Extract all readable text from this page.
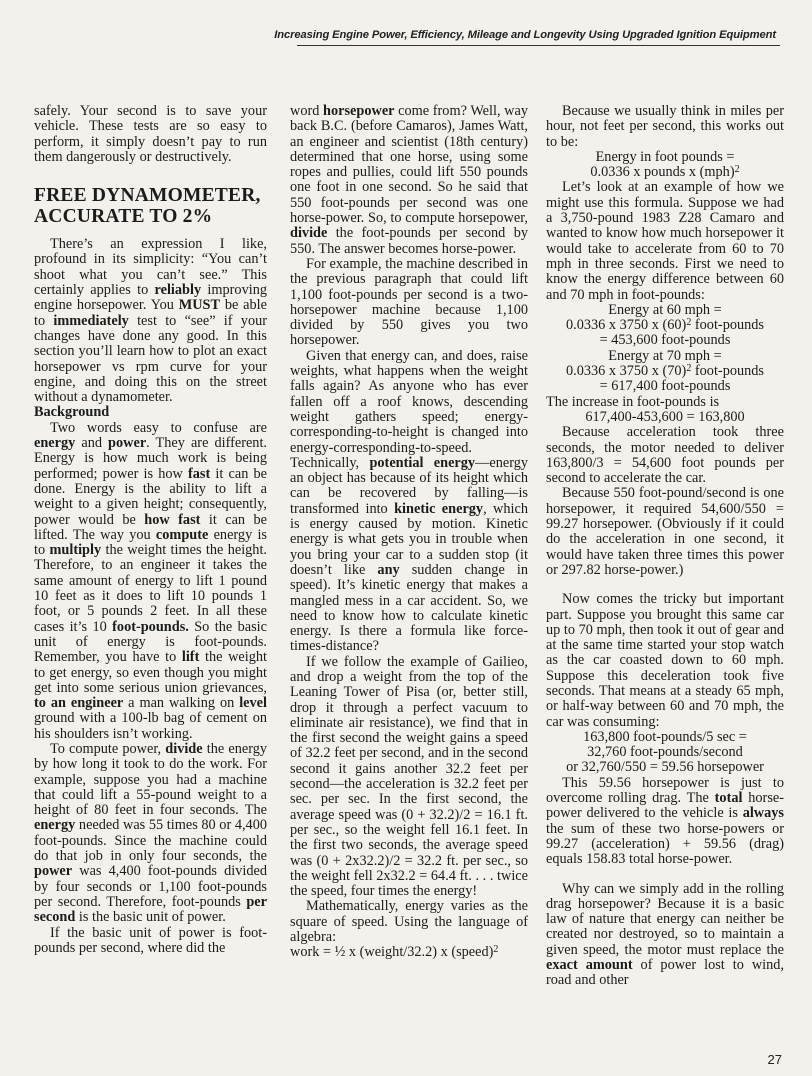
Increasing Engine Power, Efficiency, Mileage and Longevity Using Upgraded Ignition Equipment

safely. Your second is to save your vehicle. These tests are so easy to perform, it simply doesn’t pay to run them dangerously or destructively.

FREE DYNAMOMETER, ACCURATE TO 2%

There’s an expression I like, profound in its simplicity: “You can’t shoot what you can’t see.” This certainly applies to reliably improving engine horsepower. You MUST be able to immediately test to “see” if your changes have done any good. In this section you’ll learn how to plot an exact horsepower vs rpm curve for your engine, and doing this on the street without a dynamometer.

Background

Two words easy to confuse are energy and power. They are different. Energy is how much work is being performed; power is how fast it can be done. Energy is the ability to lift a weight to a given height; consequently, power would be how fast it can be lifted. The way you compute energy is to multiply the weight times the height. Therefore, to an engineer it takes the same amount of energy to lift 1 pound 10 feet as it does to lift 10 pounds 1 foot, or 5 pounds 2 feet. In all these cases it’s 10 foot-pounds. So the basic unit of energy is foot-pounds. Remember, you have to lift the weight to get energy, so even though you might get into some serious union grievances, to an engineer a man walking on level ground with a 100-lb bag of cement on his shoulders isn’t working.

To compute power, divide the energy by how long it took to do the work. For example, suppose you had a machine that could lift a 55-pound weight to a height of 80 feet in four seconds. The energy needed was 55 times 80 or 4,400 foot-pounds. Since the machine could do that job in only four seconds, the power was 4,400 foot-pounds divided by four seconds or 1,100 foot-pounds per second. Therefore, foot-pounds per second is the basic unit of power.

If the basic unit of power is foot-pounds per second, where did the

word horsepower come from? Well, way back B.C. (before Camaros), James Watt, an engineer and scientist (18th century) determined that one horse, using some ropes and pullies, could lift 550 pounds one foot in one second. So he said that 550 foot-pounds per second was one horse-power. So, to compute horsepower, divide the foot-pounds per second by 550. The answer becomes horse-power.

For example, the machine described in the previous paragraph that could lift 1,100 foot-pounds per second is a two-horsepower machine because 1,100 divided by 550 gives you two horsepower.

Given that energy can, and does, raise weights, what happens when the weight falls again? As anyone who has ever fallen off a roof knows, descending weight gathers speed; energy-corresponding-to-height is changed into energy-corresponding-to-speed. Technically, potential energy—energy an object has because of its height which can be recovered by falling—is transformed into kinetic energy, which is energy caused by motion. Kinetic energy is what gets you in trouble when you bring your car to a sudden stop (it doesn’t like any sudden change in speed). It’s kinetic energy that makes a mangled mess in a car accident. So, we need to know how to calculate kinetic energy. Is there a formula like force-times-distance?

If we follow the example of Gailieo, and drop a weight from the top of the Leaning Tower of Pisa (or, better still, drop it through a perfect vacuum to eliminate air resistance), we find that in the first second the weight gains a speed of 32.2 feet per second, and in the second second it gains another 32.2 feet per second—the acceleration is 32.2 feet per sec. per sec. In the first second, the average speed was (0 + 32.2)/2 = 16.1 ft. per sec., so the weight fell 16.1 feet. In the first two seconds, the average speed was (0 + 2x32.2)/2 = 32.2 ft. per sec., so the weight fell 2x32.2 = 64.4 ft. . . . twice the speed, four times the energy!

Mathematically, energy varies as the square of speed. Using the language of algebra:

work = ½ x (weight/32.2) x (speed)$^2$

Because we usually think in miles per hour, not feet per second, this works out to be:

Energy in foot pounds =

0.0336 x pounds x (mph)$^2$

Let’s look at an example of how we might use this formula. Suppose we had a 3,750-pound 1983 Z28 Camaro and wanted to know how much horsepower it would take to accelerate from 60 to 70 mph in three seconds. First we need to know the energy difference between 60 and 70 mph in foot-pounds:

Energy at 60 mph =

0.0336 x 3750 x $(60)^2$ foot-pounds

= 453,600 foot-pounds

Energy at 70 mph =

0.0336 x 3750 x $(70)^2$ foot-pounds

= 617,400 foot-pounds

The increase in foot-pounds is

617,400-453,600 = 163,800

Because acceleration took three seconds, the motor needed to deliver 163,800/3 = 54,600 foot pounds per second to accelerate the car.

Because 550 foot-pound/second is one horsepower, it required 54,600/550 = 99.27 horsepower. (Obviously if it could do the acceleration in one second, it would have taken three times this power or 297.82 horse-power.)

Now comes the tricky but important part. Suppose you brought this same car up to 70 mph, then took it out of gear and at the same time started your stop watch as the car coasted down to 60 mph. Suppose this deceleration took five seconds. That means at a steady 65 mph, or half-way between 60 and 70 mph, the car was consuming:

163,800 foot-pounds/5 sec =

32,760 foot-pounds/second

or 32,760/550 = 59.56 horsepower

This 59.56 horsepower is just to overcome rolling drag. The total horse-power delivered to the vehicle is always the sum of these two horse-powers or 99.27 (acceleration) + 59.56 (drag) equals 158.83 total horse-power.

Why can we simply add in the rolling drag horsepower? Because it is a basic law of nature that energy can neither be created nor destroyed, so to maintain a given speed, the motor must replace the exact amount of power lost to wind, road and other

27
